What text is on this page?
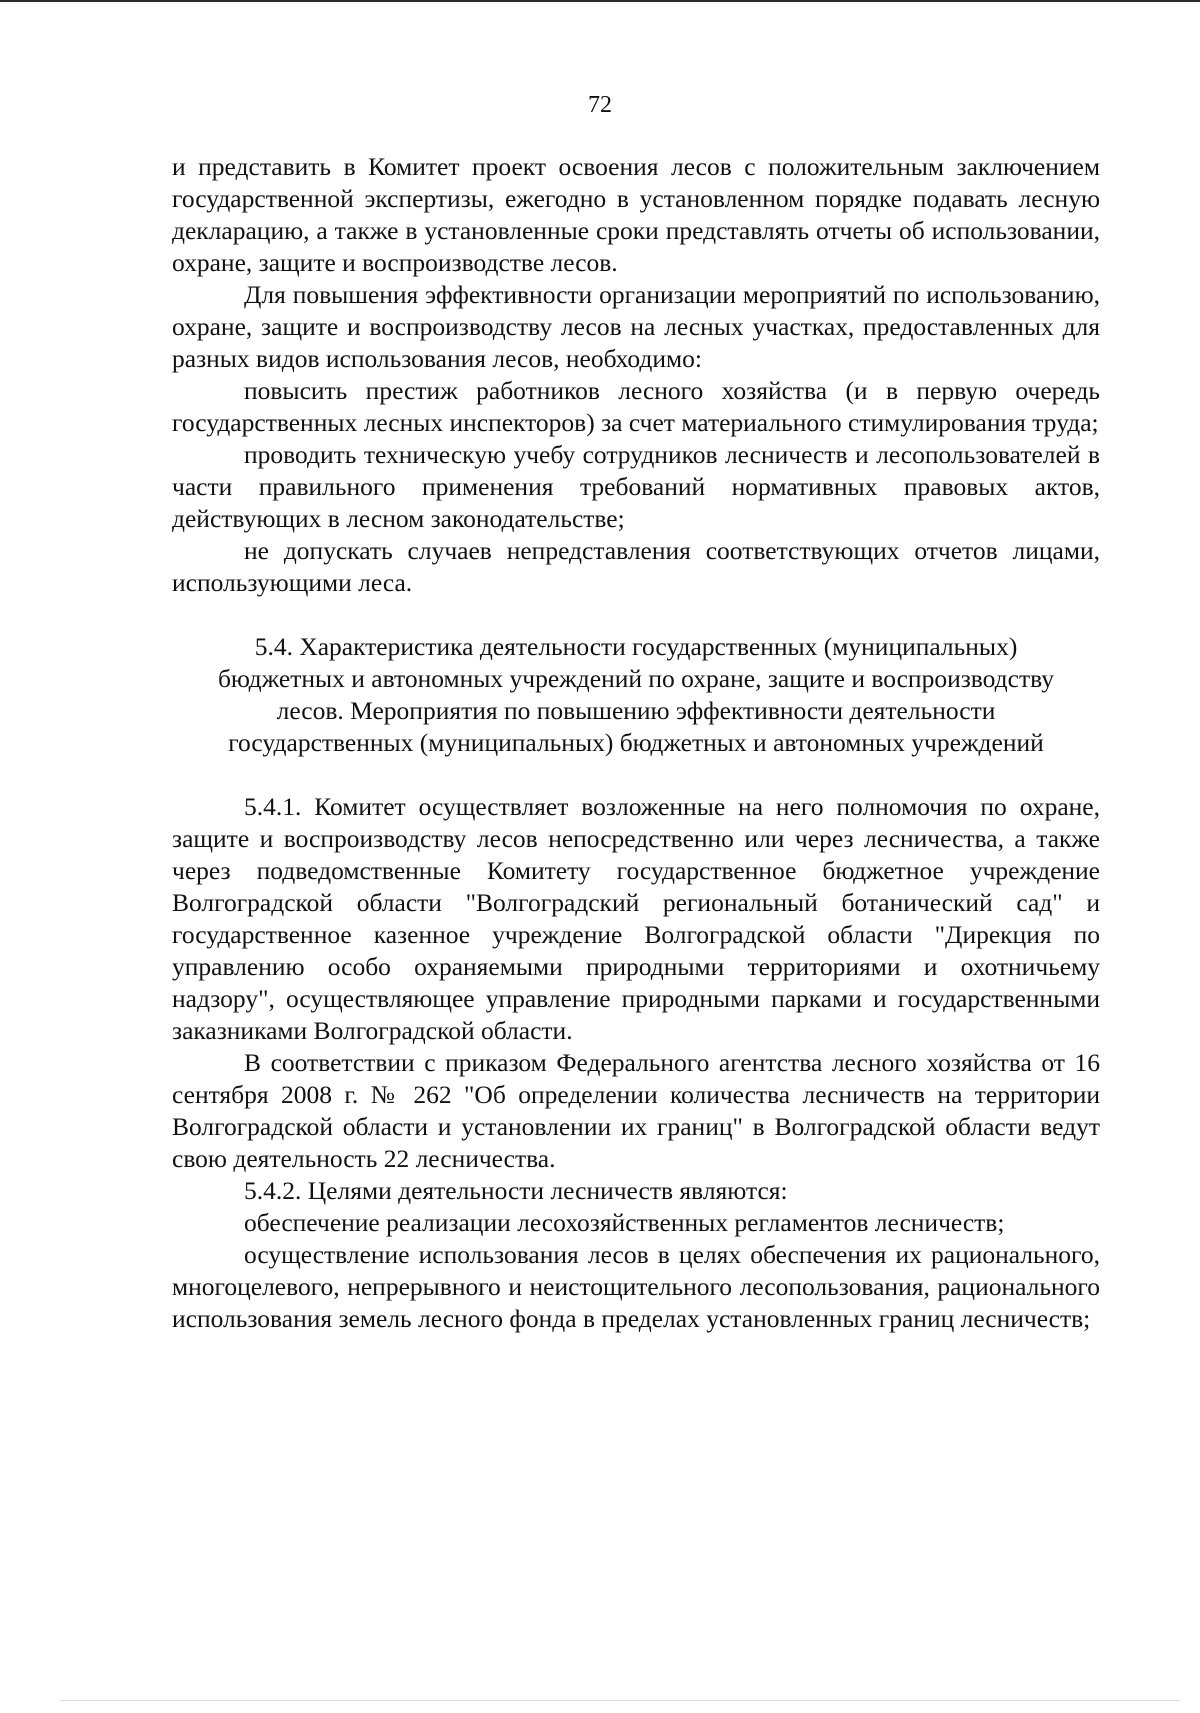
72

и представить в Комитет проект освоения лесов с положительным заключением государственной экспертизы, ежегодно в установленном порядке подавать лесную декларацию, а также в установленные сроки представлять отчеты об использовании, охране, защите и воспроизводстве лесов.

Для повышения эффективности организации мероприятий по использованию, охране, защите и воспроизводству лесов на лесных участках, предоставленных для разных видов использования лесов, необходимо:

повысить престиж работников лесного хозяйства (и в первую очередь государственных лесных инспекторов) за счет материального стимулирования труда;

проводить техническую учебу сотрудников лесничеств и лесопользователей в части правильного применения требований нормативных правовых актов, действующих в лесном законодательстве;

не допускать случаев непредставления соответствующих отчетов лицами, использующими леса.

5.4. Характеристика деятельности государственных (муниципальных)
бюджетных и автономных учреждений по охране, защите и воспроизводству
лесов. Мероприятия по повышению эффективности деятельности
государственных (муниципальных) бюджетных и автономных учреждений

5.4.1. Комитет осуществляет возложенные на него полномочия по охране, защите и воспроизводству лесов непосредственно или через лесничества, а также через подведомственные Комитету государственное бюджетное учреждение Волгоградской области "Волгоградский региональный ботанический сад" и государственное казенное учреждение Волгоградской области "Дирекция по управлению особо охраняемыми природными территориями и охотничьему надзору", осуществляющее управление природными парками и государственными заказниками Волгоградской области.

В соответствии с приказом Федерального агентства лесного хозяйства от 16 сентября 2008 г. № 262 "Об определении количества лесничеств на территории Волгоградской области и установлении их границ" в Волгоградской области ведут свою деятельность 22 лесничества.

5.4.2. Целями деятельности лесничеств являются:

обеспечение реализации лесохозяйственных регламентов лесничеств;

осуществление использования лесов в целях обеспечения их рационального, многоцелевого, непрерывного и неистощительного лесопользования, рационального использования земель лесного фонда в пределах установленных границ лесничеств;
